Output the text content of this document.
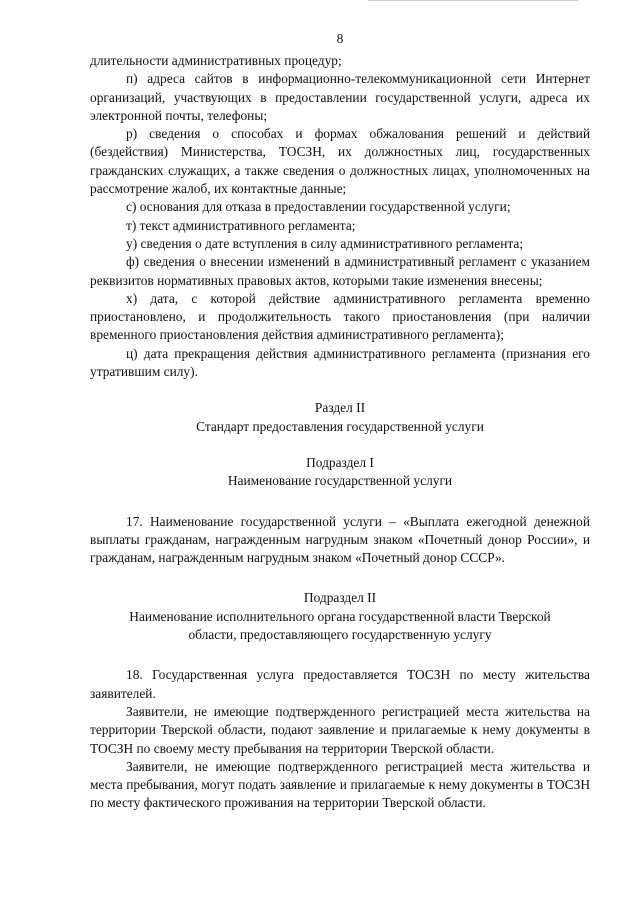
8

длительности административных процедур;

п) адреса сайтов в информационно-телекоммуникационной сети Интернет организаций, участвующих в предоставлении государственной услуги, адреса их электронной почты, телефоны;

р) сведения о способах и формах обжалования решений и действий (бездействия) Министерства, ТОСЗН, их должностных лиц, государственных гражданских служащих, а также сведения о должностных лицах, уполномоченных на рассмотрение жалоб, их контактные данные;

с) основания для отказа в предоставлении государственной услуги;

т) текст административного регламента;

у) сведения о дате вступления в силу административного регламента;

ф) сведения о внесении изменений в административный регламент с указанием реквизитов нормативных правовых актов, которыми такие изменения внесены;

х) дата, с которой действие административного регламента временно приостановлено, и продолжительность такого приостановления (при наличии временного приостановления действия административного регламента);

ц) дата прекращения действия административного регламента (признания его утратившим силу).

Раздел II
Стандарт предоставления государственной услуги
Подраздел I
Наименование государственной услуги

17. Наименование государственной услуги – «Выплата ежегодной денежной выплаты гражданам, награжденным нагрудным знаком «Почетный донор России», и гражданам, награжденным нагрудным знаком «Почетный донор СССР».

Подраздел II
Наименование исполнительного органа государственной власти Тверской
области, предоставляющего государственную услугу

18. Государственная услуга предоставляется ТОСЗН по месту жительства заявителей.

Заявители, не имеющие подтвержденного регистрацией места жительства на территории Тверской области, подают заявление и прилагаемые к нему документы в ТОСЗН по своему месту пребывания на территории Тверской области.

Заявители, не имеющие подтвержденного регистрацией места жительства и места пребывания, могут подать заявление и прилагаемые к нему документы в ТОСЗН по месту фактического проживания на территории Тверской области.
